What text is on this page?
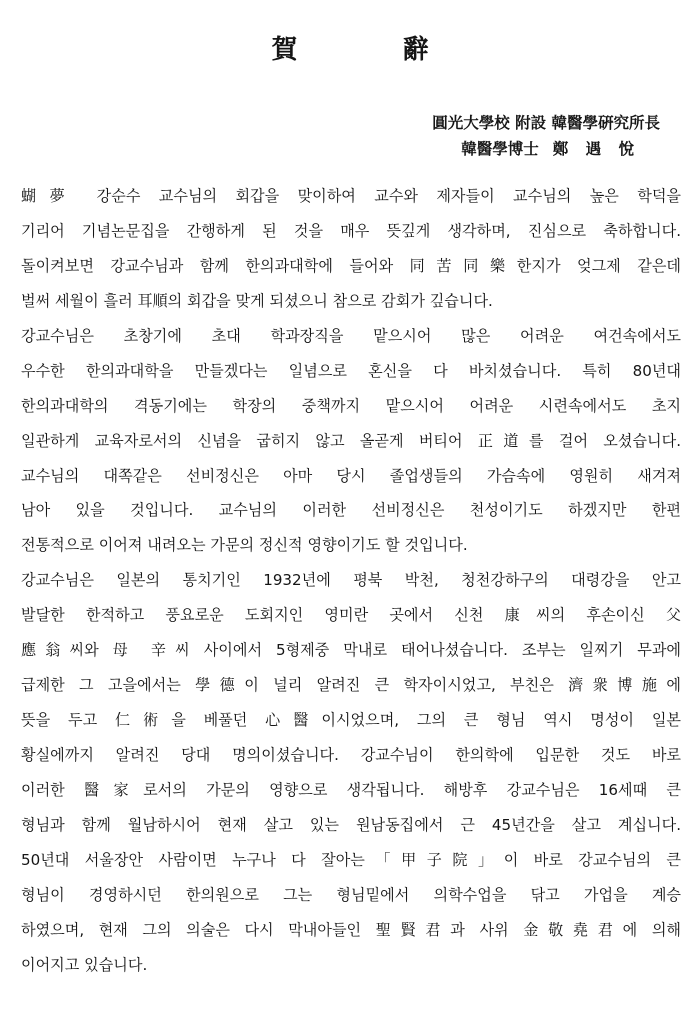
賀 辭
圓光大學校 附設 韓醫學硏究所長
韓醫學博士 鄭 遇 悅
蝴夢 강순수 교수님의 회갑을 맞이하여 교수와 제자들이 교수님의 높은 학덕을
기리어 기념논문집을 간행하게 된 것을 매우 뜻깊게 생각하며, 진심으로 축하합니다.
돌이켜보면 강교수님과 함께 한의과대학에 들어와 同苦同樂한지가 엊그제 같은데
벌써 세월이 흘러 耳順의 회갑을 맞게 되셨으니 참으로 감회가 깊습니다.
강교수님은 초창기에 초대 학과장직을 맡으시어 많은 어려운 여건속에서도
우수한 한의과대학을 만들겠다는 일념으로 혼신을 다 바치셨습니다. 특히 80년대
한의과대학의 격동기에는 학장의 중책까지 맡으시어 어려운 시련속에서도 초지
일관하게 교육자로서의 신념을 굽히지 않고 올곧게 버티어 正道를 걸어 오셨습니다.
교수님의 대쪽같은 선비정신은 아마 당시 졸업생들의 가슴속에 영원히 새겨져
남아 있을 것입니다. 교수님의 이러한 선비정신은 천성이기도 하겠지만 한편
전통적으로 이어져 내려오는 가문의 정신적 영향이기도 할 것입니다.
강교수님은 일본의 통치기인 1932년에 평북 박천, 청천강하구의 대령강을 안고
발달한 한적하고 풍요로운 도회지인 영미란 곳에서 신천 康씨의 후손이신 父
應翁씨와 母 辛씨 사이에서 5형제중 막내로 태어나셨습니다. 조부는 일찌기 무과에
급제한 그 고을에서는 學德이 널리 알려진 큰 학자이시었고, 부친은 濟衆博施에
뜻을 두고 仁術을 베풀던 心醫이시었으며, 그의 큰 형님 역시 명성이 일본
황실에까지 알려진 당대 명의이셨습니다. 강교수님이 한의학에 입문한 것도 바로
이러한 醫家로서의 가문의 영향으로 생각됩니다. 해방후 강교수님은 16세때 큰
형님과 함께 월남하시어 현재 살고 있는 원남동집에서 근 45년간을 살고 계십니다.
50년대 서울장안 사람이면 누구나 다 잘아는「甲子院」이 바로 강교수님의 큰
형님이 경영하시던 한의원으로 그는 형님밑에서 의학수업을 닦고 가업을 계승
하였으며, 현재 그의 의술은 다시 막내아들인 聖賢君과 사위 金敬堯君에 의해
이어지고 있습니다.
